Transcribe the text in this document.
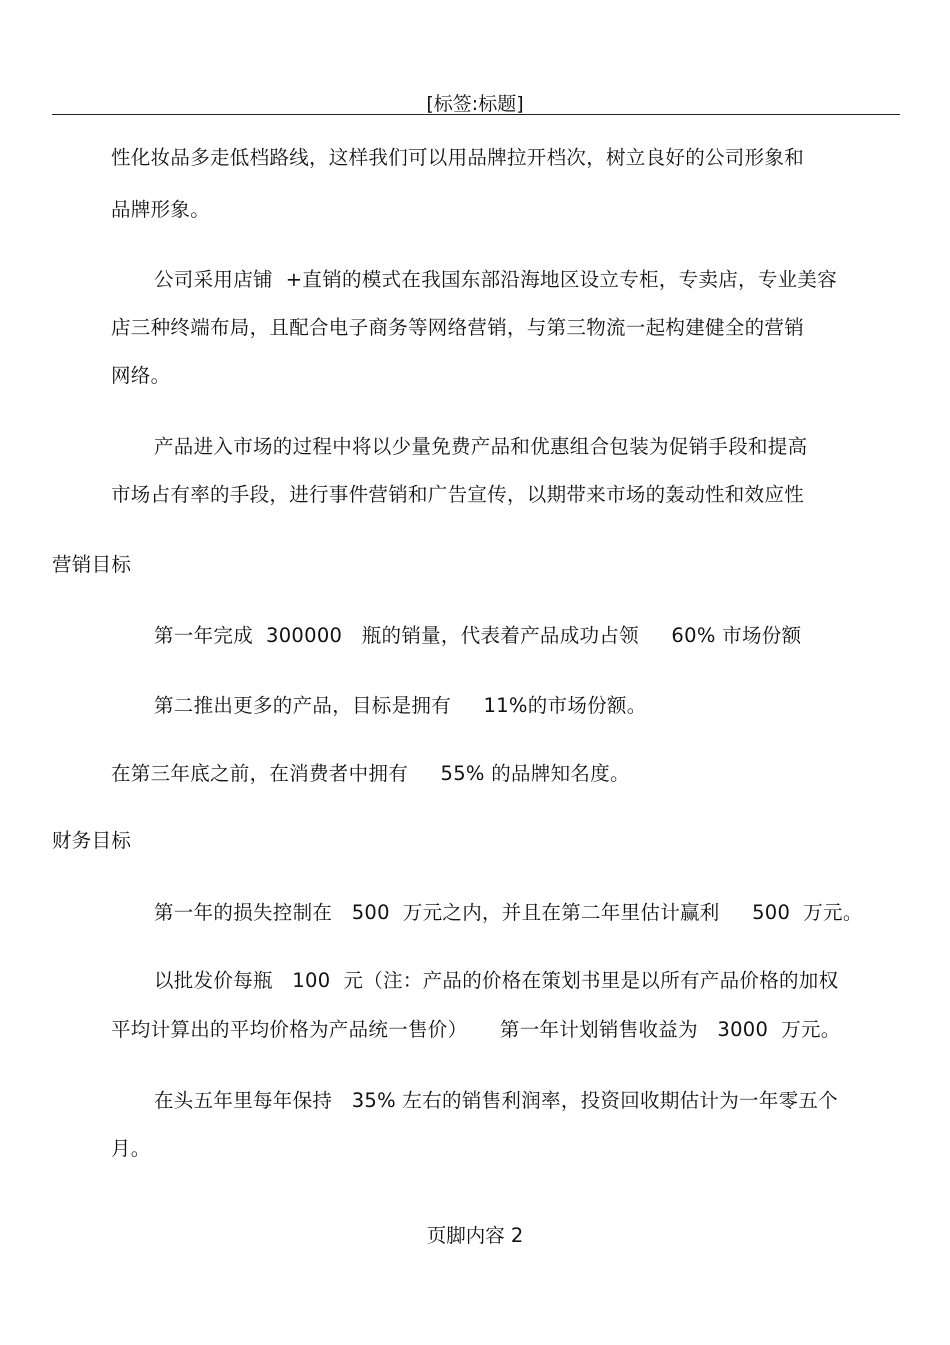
[标签:标题]
性化妆品多走低档路线，这样我们可以用品牌拉开档次，树立良好的公司形象和
品牌形象。
公司采用店铺  +直销的模式在我国东部沿海地区设立专柜，专卖店，专业美容
店三种终端布局，且配合电子商务等网络营销，与第三物流一起构建健全的营销
网络。
产品进入市场的过程中将以少量免费产品和优惠组合包装为促销手段和提高
市场占有率的手段，进行事件营销和广告宣传，以期带来市场的轰动性和效应性
营销目标
第一年完成  300000   瓶的销量，代表着产品成功占领     60% 市场份额
第二推出更多的产品，目标是拥有     11%的市场份额。
在第三年底之前，在消费者中拥有     55% 的品牌知名度。
财务目标
第一年的损失控制在   500  万元之内，并且在第二年里估计赢利     500  万元。
以批发价每瓶   100  元（注：产品的价格在策划书里是以所有产品价格的加权
平均计算出的平均价格为产品统一售价）     第一年计划销售收益为   3000  万元。
在头五年里每年保持   35% 左右的销售利润率，投资回收期估计为一年零五个
月。
页脚内容 2
